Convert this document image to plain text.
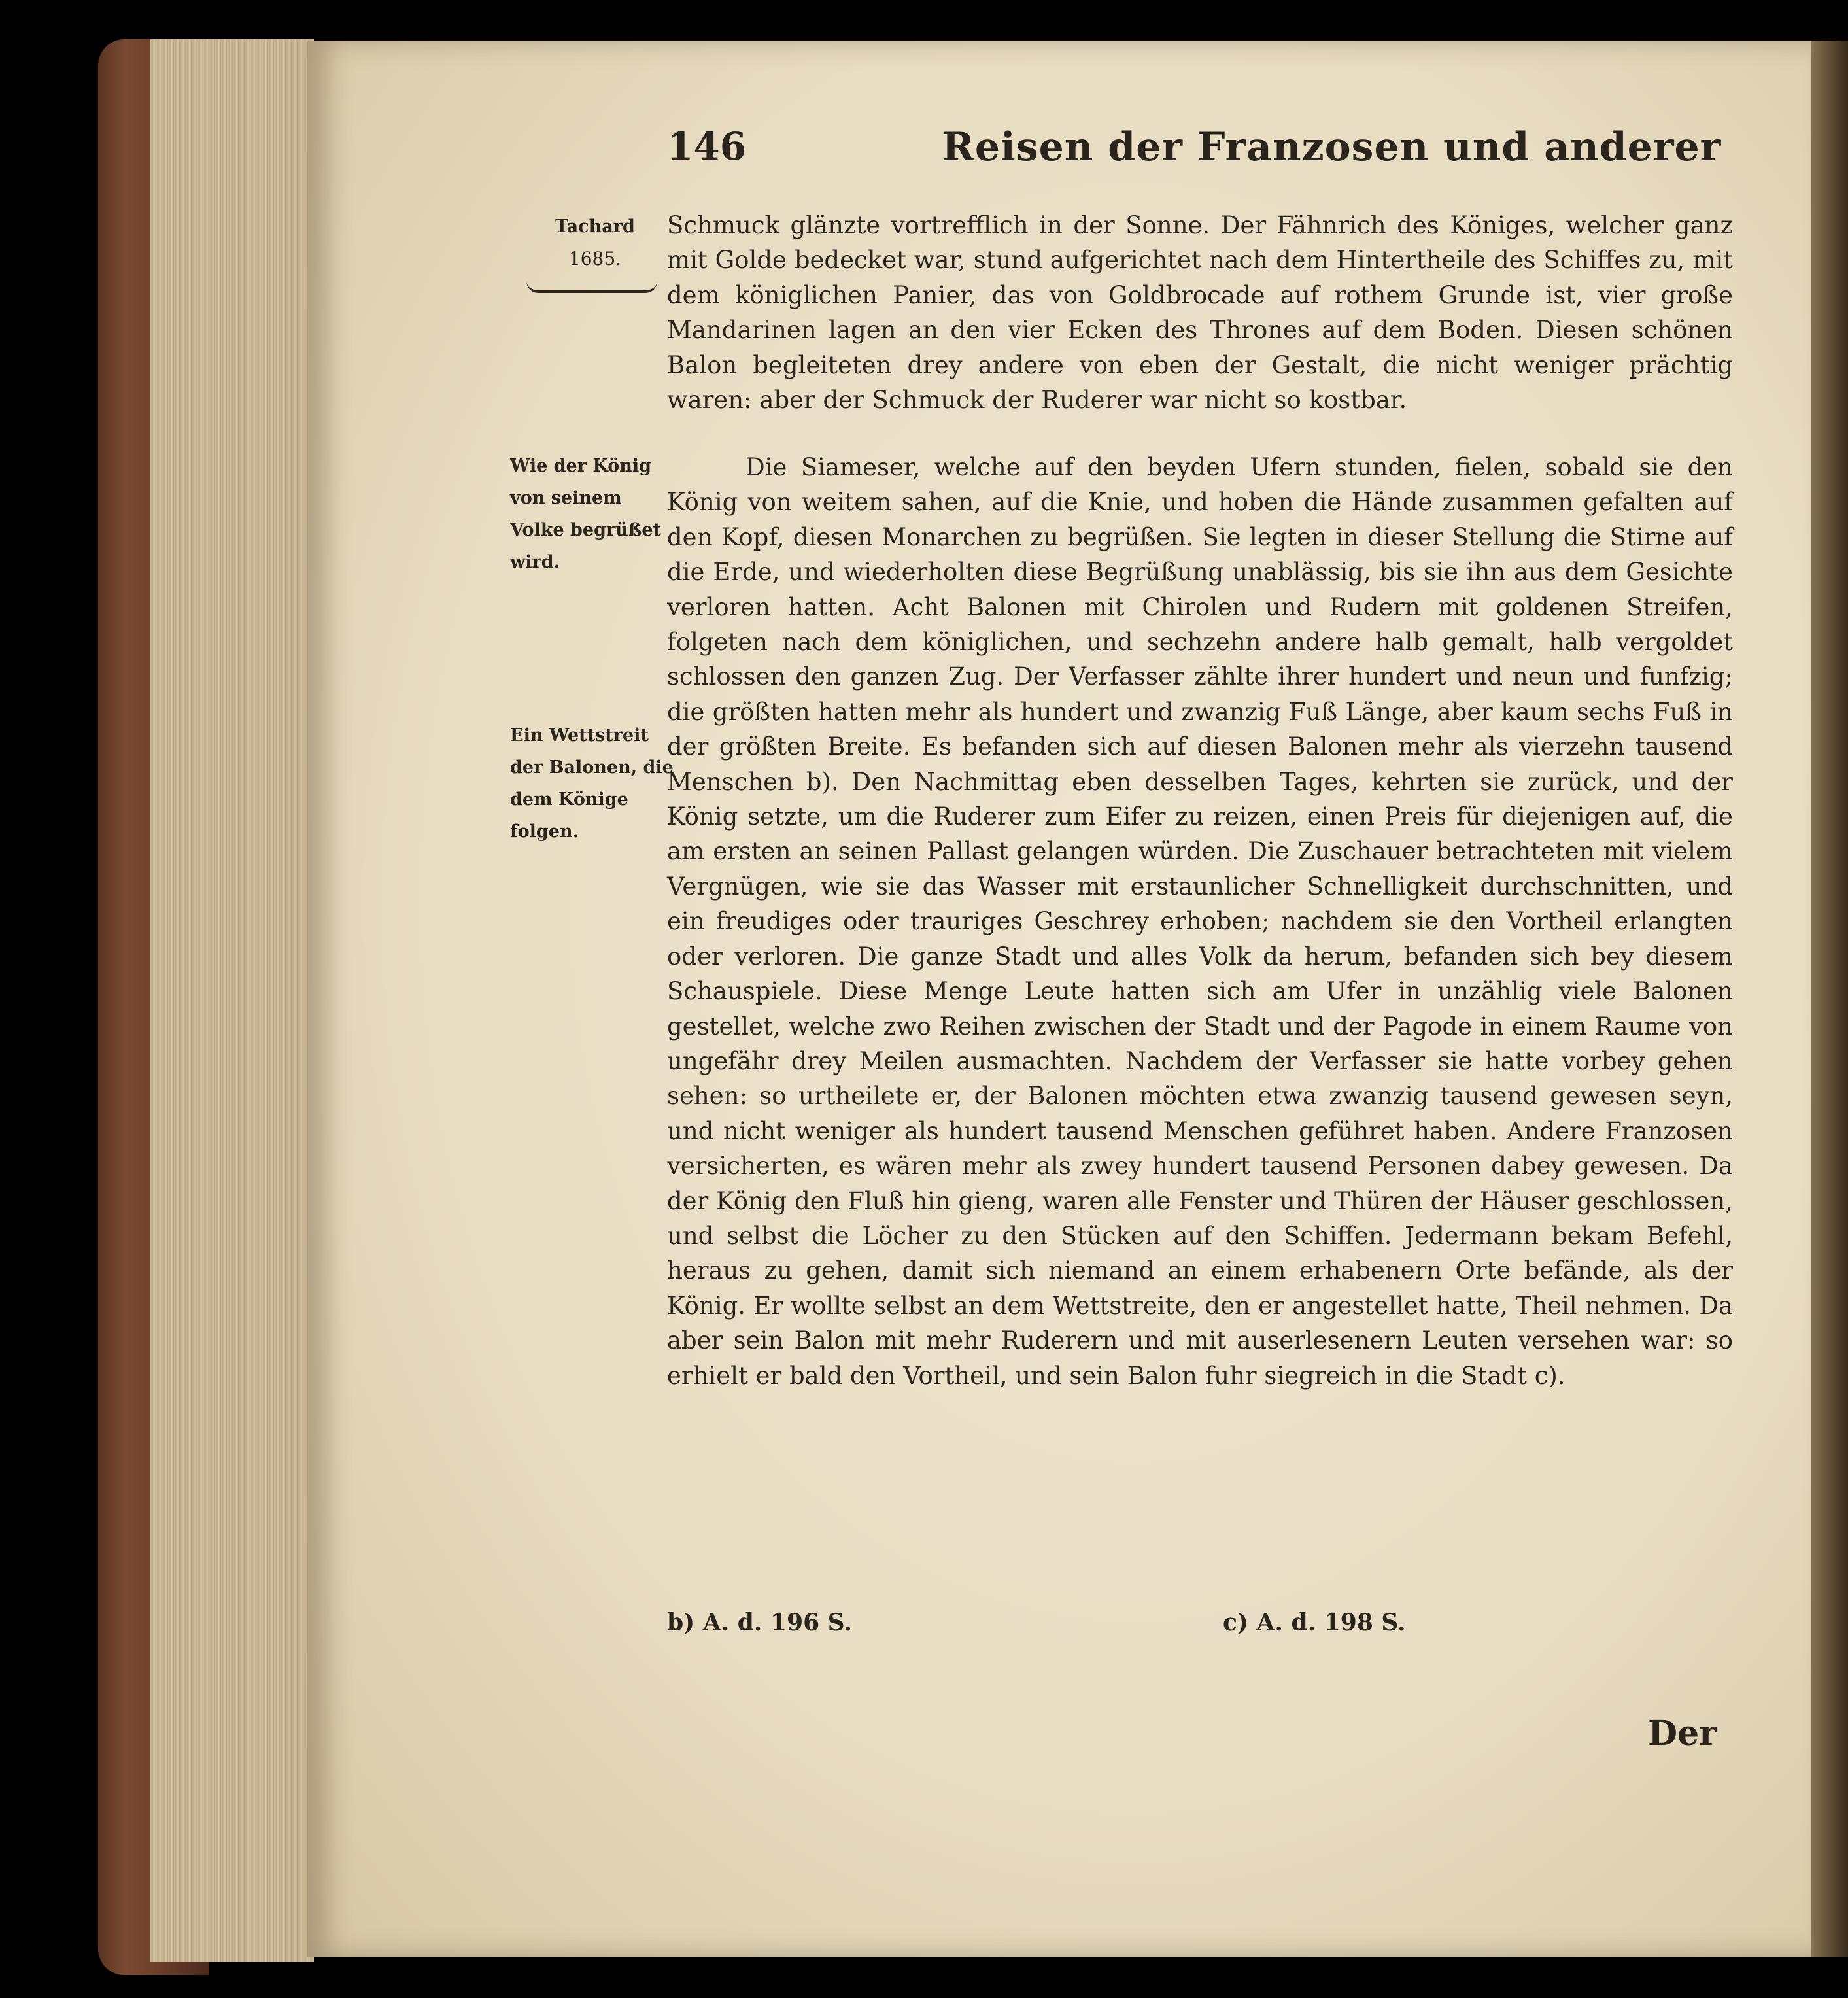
146	Reisen der Franzosen und anderer
Tachard
1685.
Wie der König von seinem Volke begrüßet wird.
Ein Wettstreit der Balonen, die dem Könige folgen.
Schmuck glänzte vortrefflich in der Sonne. Der Fähnrich des Königes, welcher ganz mit Golde bedecket war, stund aufgerichtet nach dem Hintertheile des Schiffes zu, mit dem königlichen Panier, das von Goldbrocade auf rothem Grunde ist, vier große Mandarinen lagen an den vier Ecken des Thrones auf dem Boden. Diesen schönen Balon begleiteten drey andere von eben der Gestalt, die nicht weniger prächtig waren: aber der Schmuck der Ruderer war nicht so kostbar.
Die Siameser, welche auf den beyden Ufern stunden, fielen, sobald sie den König von weitem sahen, auf die Knie, und hoben die Hände zusammen gefalten auf den Kopf, diesen Monarchen zu begrüßen. Sie legten in dieser Stellung die Stirne auf die Erde, und wiederholten diese Begrüßung unablässig, bis sie ihn aus dem Gesichte verloren hatten. Acht Balonen mit Chirolen und Rudern mit goldenen Streifen, folgeten nach dem königlichen, und sechzehn andere halb gemalt, halb vergoldet schlossen den ganzen Zug. Der Verfasser zählte ihrer hundert und neun und funfzig; die größten hatten mehr als hundert und zwanzig Fuß Länge, aber kaum sechs Fuß in der größten Breite. Es befanden sich auf diesen Balonen mehr als vierzehn tausend Menschen b). Den Nachmittag eben desselben Tages, kehrten sie zurück, und der König setzte, um die Ruderer zum Eifer zu reizen, einen Preis für diejenigen auf, die am ersten an seinen Pallast gelangen würden. Die Zuschauer betrachteten mit vielem Vergnügen, wie sie das Wasser mit erstaunlicher Schnelligkeit durchschnitten, und ein freudiges oder trauriges Geschrey erhoben; nachdem sie den Vortheil erlangten oder verloren. Die ganze Stadt und alles Volk da herum, befanden sich bey diesem Schauspiele. Diese Menge Leute hatten sich am Ufer in unzählig viele Balonen gestellet, welche zwo Reihen zwischen der Stadt und der Pagode in einem Raume von ungefähr drey Meilen ausmachten. Nachdem der Verfasser sie hatte vorbey gehen sehen: so urtheilete er, der Balonen möchten etwa zwanzig tausend gewesen seyn, und nicht weniger als hundert tausend Menschen geführet haben. Andere Franzosen versicherten, es wären mehr als zwey hundert tausend Personen dabey gewesen. Da der König den Fluß hin gieng, waren alle Fenster und Thüren der Häuser geschlossen, und selbst die Löcher zu den Stücken auf den Schiffen. Jedermann bekam Befehl, heraus zu gehen, damit sich niemand an einem erhabenern Orte befände, als der König. Er wollte selbst an dem Wettstreite, den er angestellet hatte, Theil nehmen. Da aber sein Balon mit mehr Ruderern und mit auserlesenern Leuten versehen war: so erhielt er bald den Vortheil, und sein Balon fuhr siegreich in die Stadt c).
b) A. d. 196 S.	c) A. d. 198 S.
Der
